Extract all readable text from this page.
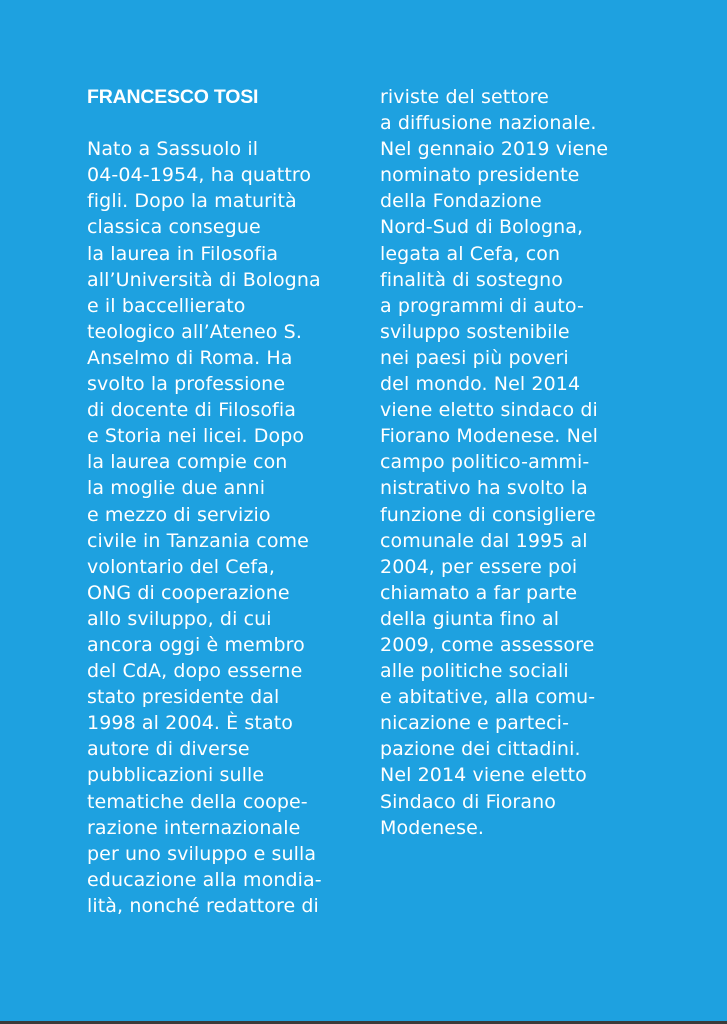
FRANCESCO TOSI
Nato a Sassuolo il
04-04-1954, ha quattro
figli. Dopo la maturità
classica consegue
la laurea in Filosofia
all’Università di Bologna
e il baccellierato
teologico all’Ateneo S.
Anselmo di Roma. Ha
svolto la professione
di docente di Filosofia
e Storia nei licei. Dopo
la laurea compie con
la moglie due anni
e mezzo di servizio
civile in Tanzania come
volontario del Cefa,
ONG di cooperazione
allo sviluppo, di cui
ancora oggi è membro
del CdA, dopo esserne
stato presidente dal
1998 al 2004. È stato
autore di diverse
pubblicazioni sulle
tematiche della coope-
razione internazionale
per uno sviluppo e sulla
educazione alla mondia-
lità, nonché redattore di
riviste del settore
a diffusione nazionale.
Nel gennaio 2019 viene
nominato presidente
della Fondazione
Nord-Sud di Bologna,
legata al Cefa, con
finalità di sostegno
a programmi di auto-
sviluppo sostenibile
nei paesi più poveri
del mondo. Nel 2014
viene eletto sindaco di
Fiorano Modenese. Nel
campo politico-ammi-
nistrativo ha svolto la
funzione di consigliere
comunale dal 1995 al
2004, per essere poi
chiamato a far parte
della giunta fino al
2009, come assessore
alle politiche sociali
e abitative, alla comu-
nicazione e parteci-
pazione dei cittadini.
Nel 2014 viene eletto
Sindaco di Fiorano
Modenese.
